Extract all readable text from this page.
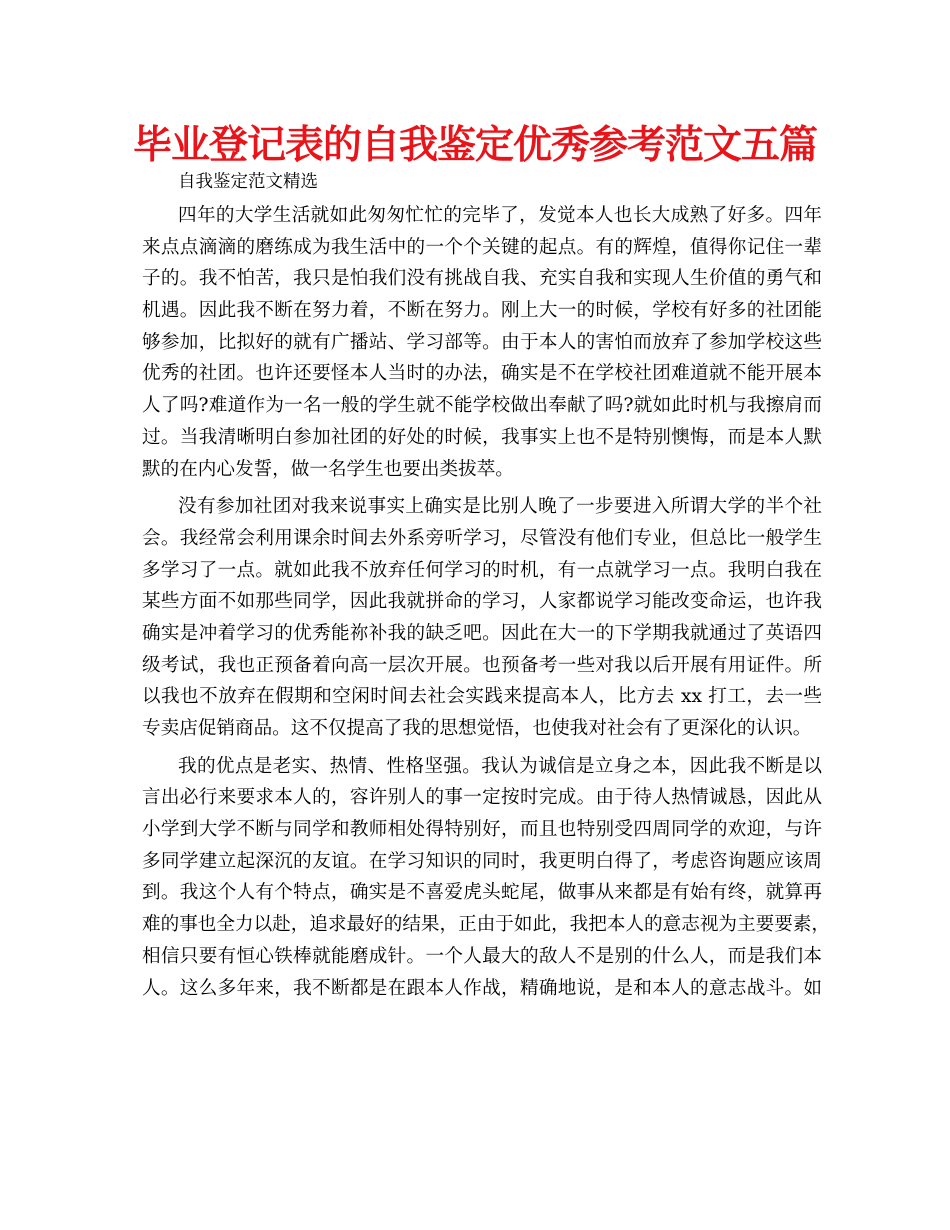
毕业登记表的自我鉴定优秀参考范文五篇
自我鉴定范文精选
四年的大学生活就如此匆匆忙忙的完毕了，发觉本人也长大成熟了好多。四年
来点点滴滴的磨练成为我生活中的一个个关键的起点。有的辉煌，值得你记住一辈
子的。我不怕苦，我只是怕我们没有挑战自我、充实自我和实现人生价值的勇气和
机遇。因此我不断在努力着，不断在努力。刚上大一的时候，学校有好多的社团能
够参加，比拟好的就有广播站、学习部等。由于本人的害怕而放弃了参加学校这些
优秀的社团。也许还要怪本人当时的办法，确实是不在学校社团难道就不能开展本
人了吗?难道作为一名一般的学生就不能学校做出奉献了吗?就如此时机与我擦肩而
过。当我清晰明白参加社团的好处的时候，我事实上也不是特别懊悔，而是本人默
默的在内心发誓，做一名学生也要出类拔萃。
没有参加社团对我来说事实上确实是比别人晚了一步要进入所谓大学的半个社
会。我经常会利用课余时间去外系旁听学习，尽管没有他们专业，但总比一般学生
多学习了一点。就如此我不放弃任何学习的时机，有一点就学习一点。我明白我在
某些方面不如那些同学，因此我就拼命的学习，人家都说学习能改变命运，也许我
确实是冲着学习的优秀能祢补我的缺乏吧。因此在大一的下学期我就通过了英语四
级考试，我也正预备着向高一层次开展。也预备考一些对我以后开展有用证件。所
以我也不放弃在假期和空闲时间去社会实践来提高本人，比方去 xx 打工，去一些
专卖店促销商品。这不仅提高了我的思想觉悟，也使我对社会有了更深化的认识。
我的优点是老实、热情、性格坚强。我认为诚信是立身之本，因此我不断是以
言出必行来要求本人的，容许别人的事一定按时完成。由于待人热情诚恳，因此从
小学到大学不断与同学和教师相处得特别好，而且也特别受四周同学的欢迎，与许
多同学建立起深沉的友谊。在学习知识的同时，我更明白得了，考虑咨询题应该周
到。我这个人有个特点，确实是不喜爱虎头蛇尾，做事从来都是有始有终，就算再
难的事也全力以赴，追求最好的结果，正由于如此，我把本人的意志视为主要要素，
相信只要有恒心铁棒就能磨成针。一个人最大的敌人不是别的什么人，而是我们本
人。这么多年来，我不断都是在跟本人作战，精确地说，是和本人的意志战斗。如
